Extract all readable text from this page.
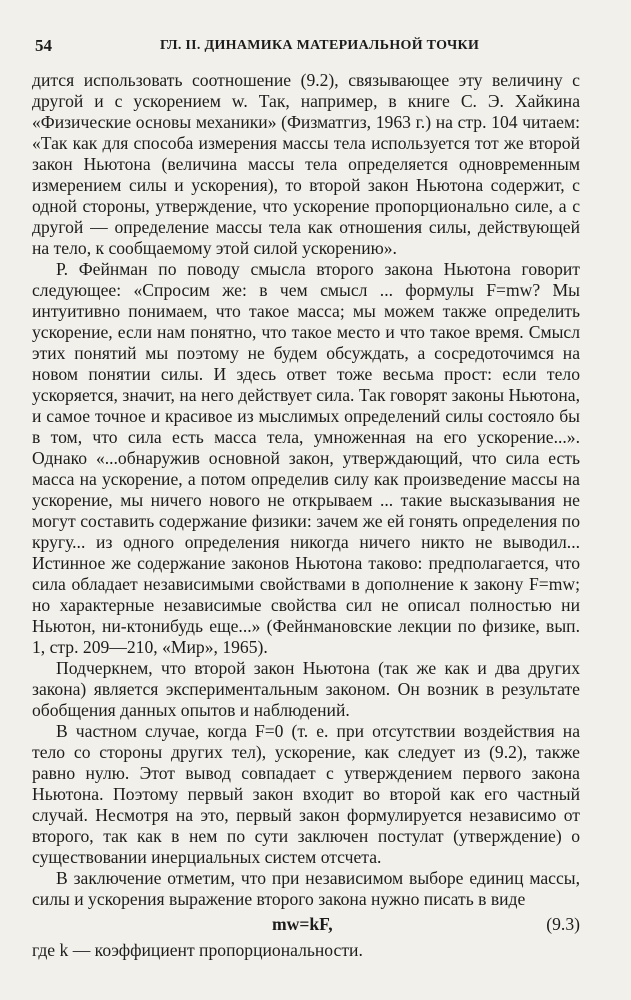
54	ГЛ. II. ДИНАМИКА МАТЕРИАЛЬНОЙ ТОЧКИ

дится использовать соотношение (9.2), связывающее эту величину с другой и с ускорением w. Так, например, в книге С. Э. Хайкина «Физические основы механики» (Физматгиз, 1963 г.) на стр. 104 читаем: «Так как для способа измерения массы тела используется тот же второй закон Ньютона (величина массы тела определяется одновременным измерением силы и ускорения), то второй закон Ньютона содержит, с одной стороны, утверждение, что ускорение пропорционально силе, а с другой — определение массы тела как отношения силы, действующей на тело, к сообщаемому этой силой ускорению».

Р. Фейнман по поводу смысла второго закона Ньютона говорит следующее: «Спросим же: в чем смысл ... формулы F=mw? Мы интуитивно понимаем, что такое масса; мы можем также определить ускорение, если нам понятно, что такое место и что такое время. Смысл этих понятий мы поэтому не будем обсуждать, а сосредоточимся на новом понятии силы. И здесь ответ тоже весьма прост: если тело ускоряется, значит, на него действует сила. Так говорят законы Ньютона, и самое точное и красивое из мыслимых определений силы состояло бы в том, что сила есть масса тела, умноженная на его ускорение...». Однако «...обнаружив основной закон, утверждающий, что сила есть масса на ускорение, а потом определив силу как произведение массы на ускорение, мы ничего нового не открываем ... такие высказывания не могут составить содержание физики: зачем же ей гонять определения по кругу... из одного определения никогда ничего никто не выводил... Истинное же содержание законов Ньютона таково: предполагается, что сила обладает независимыми свойствами в дополнение к закону F=mw; но характерные независимые свойства сил не описал полностью ни Ньютон, ни-ктонибудь еще...» (Фейнмановские лекции по физике, вып. 1, стр. 209—210, «Мир», 1965).

Подчеркнем, что второй закон Ньютона (так же как и два других закона) является экспериментальным законом. Он возник в результате обобщения данных опытов и наблюдений.

В частном случае, когда F=0 (т. е. при отсутствии воздействия на тело со стороны других тел), ускорение, как следует из (9.2), также равно нулю. Этот вывод совпадает с утверждением первого закона Ньютона. Поэтому первый закон входит во второй как его частный случай. Несмотря на это, первый закон формулируется независимо от второго, так как в нем по сути заключен постулат (утверждение) о существовании инерциальных систем отсчета.

В заключение отметим, что при независимом выборе единиц массы, силы и ускорения выражение второго закона нужно писать в виде

mw=kF,	(9.3)

где k — коэффициент пропорциональности.
